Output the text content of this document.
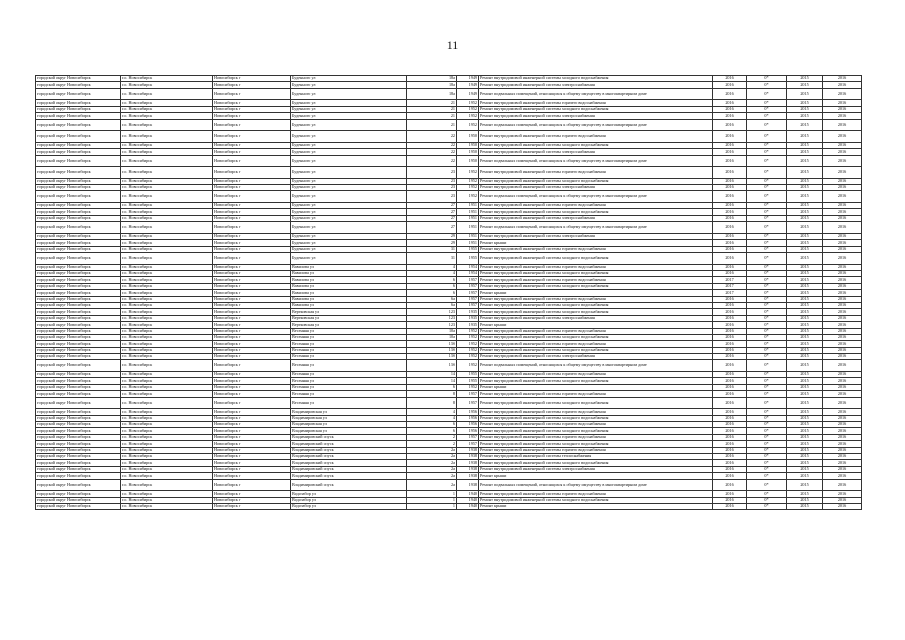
11
городской округ Новосибирск	г.о. Новосибирск	Новосибирск г	Буденного ул	18а	1949	Ремонт внутридомовой инженерной системы холодного водоснабжения	2016	0*	2015	2016
городской округ Новосибирск	г.о. Новосибирск	Новосибирск г	Буденного ул	18а	1949	Ремонт внутридомовой инженерной системы электроснабжения	2016	0*	2015	2016
городской округ Новосибирск	г.о. Новосибирск	Новосибирск г	Буденного ул	18а	1949	Ремонт подвальных помещений, относящихся к общему имуществу в многоквартирном доме	2016	0*	2015	2016
городской округ Новосибирск	г.о. Новосибирск	Новосибирск г	Буденного ул	21	1952	Ремонт внутридомовой инженерной системы горячего водоснабжения	2016	0*	2015	2016
городской округ Новосибирск	г.о. Новосибирск	Новосибирск г	Буденного ул	21	1952	Ремонт внутридомовой инженерной системы холодного водоснабжения	2016	0*	2015	2016
городской округ Новосибирск	г.о. Новосибирск	Новосибирск г	Буденного ул	21	1952	Ремонт внутридомовой инженерной системы электроснабжения	2016	0*	2015	2016
городской округ Новосибирск	г.о. Новосибирск	Новосибирск г	Буденного ул	21	1952	Ремонт подвальных помещений, относящихся к общему имуществу в многоквартирном доме	2016	0*	2015	2016
городской округ Новосибирск	г.о. Новосибирск	Новосибирск г	Буденного ул	22	1950	Ремонт внутридомовой инженерной системы горячего водоснабжения	2016	0*	2015	2016
городской округ Новосибирск	г.о. Новосибирск	Новосибирск г	Буденного ул	22	1950	Ремонт внутридомовой инженерной системы холодного водоснабжения	2016	0*	2015	2016
городской округ Новосибирск	г.о. Новосибирск	Новосибирск г	Буденного ул	22	1950	Ремонт внутридомовой инженерной системы электроснабжения	2016	0*	2015	2016
городской округ Новосибирск	г.о. Новосибирск	Новосибирск г	Буденного ул	22	1950	Ремонт подвальных помещений, относящихся к общему имуществу в многоквартирном доме	2016	0*	2015	2016
городской округ Новосибирск	г.о. Новосибирск	Новосибирск г	Буденного ул	23	1952	Ремонт внутридомовой инженерной системы горячего водоснабжения	2016	0*	2015	2016
городской округ Новосибирск	г.о. Новосибирск	Новосибирск г	Буденного ул	23	1952	Ремонт внутридомовой инженерной системы холодного водоснабжения	2016	0*	2015	2016
городской округ Новосибирск	г.о. Новосибирск	Новосибирск г	Буденного ул	23	1952	Ремонт внутридомовой инженерной системы электроснабжения	2016	0*	2015	2016
городской округ Новосибирск	г.о. Новосибирск	Новосибирск г	Буденного ул	23	1952	Ремонт подвальных помещений, относящихся к общему имуществу в многоквартирном доме	2016	0*	2015	2016
городской округ Новосибирск	г.о. Новосибирск	Новосибирск г	Буденного ул	27	1951	Ремонт внутридомовой инженерной системы горячего водоснабжения	2016	0*	2015	2016
городской округ Новосибирск	г.о. Новосибирск	Новосибирск г	Буденного ул	27	1951	Ремонт внутридомовой инженерной системы холодного водоснабжения	2016	0*	2015	2016
городской округ Новосибирск	г.о. Новосибирск	Новосибирск г	Буденного ул	27	1951	Ремонт внутридомовой инженерной системы электроснабжения	2016	0*	2015	2016
городской округ Новосибирск	г.о. Новосибирск	Новосибирск г	Буденного ул	27	1951	Ремонт подвальных помещений, относящихся к общему имуществу в многоквартирном доме	2016	0*	2015	2016
городской округ Новосибирск	г.о. Новосибирск	Новосибирск г	Буденного ул	29	1951	Ремонт внутридомовой инженерной системы электроснабжения	2016	0*	2015	2016
городской округ Новосибирск	г.о. Новосибирск	Новосибирск г	Буденного ул	29	1951	Ремонт крыши	2016	0*	2015	2016
городской округ Новосибирск	г.о. Новосибирск	Новосибирск г	Буденного ул	31	1955	Ремонт внутридомовой инженерной системы горячего водоснабжения	2016	0*	2015	2016
городской округ Новосибирск	г.о. Новосибирск	Новосибирск г	Буденного ул	31	1955	Ремонт внутридомовой инженерной системы холодного водоснабжения	2016	0*	2015	2016
городской округ Новосибирск	г.о. Новосибирск	Новосибирск г	Вавилова ул	4	1954	Ремонт внутридомовой инженерной системы горячего водоснабжения	2016	0*	2015	2016
городской округ Новосибирск	г.о. Новосибирск	Новосибирск г	Вавилова ул	4	1954	Ремонт внутридомовой инженерной системы холодного водоснабжения	2016	0*	2015	2016
городской округ Новосибирск	г.о. Новосибирск	Новосибирск г	Вавилова ул	6	1957	Ремонт внутридомовой инженерной системы горячего водоснабжения	2017	0*	2015	2016
городской округ Новосибирск	г.о. Новосибирск	Новосибирск г	Вавилова ул	6	1957	Ремонт внутридомовой инженерной системы холодного водоснабжения	2017	0*	2015	2016
городской округ Новосибирск	г.о. Новосибирск	Новосибирск г	Вавилова ул	6	1957	Ремонт крыши	2017	0*	2015	2016
городской округ Новосибирск	г.о. Новосибирск	Новосибирск г	Вавилова ул	6а	1957	Ремонт внутридомовой инженерной системы горячего водоснабжения	2016	0*	2015	2016
городской округ Новосибирск	г.о. Новосибирск	Новосибирск г	Вавилова ул	6а	1957	Ремонт внутридомовой инженерной системы холодного водоснабжения	2016	0*	2015	2016
городской округ Новосибирск	г.о. Новосибирск	Новосибирск г	Вертковская ул	123	1935	Ремонт внутридомовой инженерной системы холодного водоснабжения	2016	0*	2015	2016
городской округ Новосибирск	г.о. Новосибирск	Новосибирск г	Вертковская ул	123	1935	Ремонт внутридомовой инженерной системы электроснабжения	2016	0*	2015	2016
городской округ Новосибирск	г.о. Новосибирск	Новосибирск г	Вертковская ул	123	1935	Ремонт крыши	2016	0*	2015	2016
городской округ Новосибирск	г.о. Новосибирск	Новосибирск г	Весенняя ул	10а	1952	Ремонт внутридомовой инженерной системы горячего водоснабжения	2016	0*	2015	2016
городской округ Новосибирск	г.о. Новосибирск	Новосибирск г	Весенняя ул	10а	1952	Ремонт внутридомовой инженерной системы холодного водоснабжения	2016	0*	2015	2016
городской округ Новосибирск	г.о. Новосибирск	Новосибирск г	Весенняя ул	13б	1952	Ремонт внутридомовой инженерной системы горячего водоснабжения	2016	0*	2015	2016
городской округ Новосибирск	г.о. Новосибирск	Новосибирск г	Весенняя ул	13б	1952	Ремонт внутридомовой инженерной системы холодного водоснабжения	2016	0*	2015	2016
городской округ Новосибирск	г.о. Новосибирск	Новосибирск г	Весенняя ул	13б	1952	Ремонт внутридомовой инженерной системы электроснабжения	2016	0*	2015	2016
городской округ Новосибирск	г.о. Новосибирск	Новосибирск г	Весенняя ул	13б	1952	Ремонт подвальных помещений, относящихся к общему имуществу в многоквартирном доме	2016	0*	2015	2016
городской округ Новосибирск	г.о. Новосибирск	Новосибирск г	Весенняя ул	14	1955	Ремонт внутридомовой инженерной системы горячего водоснабжения	2016	0*	2015	2016
городской округ Новосибирск	г.о. Новосибирск	Новосибирск г	Весенняя ул	14	1955	Ремонт внутридомовой инженерной системы холодного водоснабжения	2016	0*	2015	2016
городской округ Новосибирск	г.о. Новосибирск	Новосибирск г	Весенняя ул	6	1952	Ремонт крыши	2016	0*	2015	2016
городской округ Новосибирск	г.о. Новосибирск	Новосибирск г	Весенняя ул	8	1957	Ремонт внутридомовой инженерной системы горячего водоснабжения	2016	0*	2015	2016
городской округ Новосибирск	г.о. Новосибирск	Новосибирск г	Весенняя ул	8	1957	Ремонт внутридомовой инженерной системы холодного водоснабжения	2016	0*	2015	2016
городской округ Новосибирск	г.о. Новосибирск	Новосибирск г	Владимировская ул	4	1956	Ремонт внутридомовой инженерной системы горячего водоснабжения	2016	0*	2015	2016
городской округ Новосибирск	г.о. Новосибирск	Новосибирск г	Владимировская ул	4	1956	Ремонт внутридомовой инженерной системы холодного водоснабжения	2016	0*	2015	2016
городской округ Новосибирск	г.о. Новосибирск	Новосибирск г	Владимировская ул	6	1956	Ремонт внутридомовой инженерной системы горячего водоснабжения	2016	0*	2015	2016
городской округ Новосибирск	г.о. Новосибирск	Новосибирск г	Владимировская ул	6	1956	Ремонт внутридомовой инженерной системы холодного водоснабжения	2016	0*	2015	2016
городской округ Новосибирск	г.о. Новосибирск	Новосибирск г	Владимировский спуск	2	1957	Ремонт внутридомовой инженерной системы горячего водоснабжения	2016	0*	2015	2016
городской округ Новосибирск	г.о. Новосибирск	Новосибирск г	Владимировский спуск	2	1957	Ремонт внутридомовой инженерной системы холодного водоснабжения	2016	0*	2015	2016
городской округ Новосибирск	г.о. Новосибирск	Новосибирск г	Владимировский спуск	2а	1938	Ремонт внутридомовой инженерной системы горячего водоснабжения	2016	0*	2015	2016
городской округ Новосибирск	г.о. Новосибирск	Новосибирск г	Владимировский спуск	2а	1938	Ремонт внутридомовой инженерной системы теплоснабжения	2016	0*	2015	2016
городской округ Новосибирск	г.о. Новосибирск	Новосибирск г	Владимировский спуск	2а	1938	Ремонт внутридомовой инженерной системы холодного водоснабжения	2016	0*	2015	2016
городской округ Новосибирск	г.о. Новосибирск	Новосибирск г	Владимировский спуск	2а	1938	Ремонт внутридомовой инженерной системы электроснабжения	2016	0*	2015	2016
городской округ Новосибирск	г.о. Новосибирск	Новосибирск г	Владимировский спуск	2а	1938	Ремонт крыши	2016	0*	2015	2016
городской округ Новосибирск	г.о. Новосибирск	Новосибирск г	Владимировский спуск	2а	1938	Ремонт подвальных помещений, относящихся к общему имуществу в многоквартирном доме	2016	0*	2015	2016
городской округ Новосибирск	г.о. Новосибирск	Новосибирск г	Водозабор ул	1	1940	Ремонт внутридомовой инженерной системы горячего водоснабжения	2016	0*	2015	2016
городской округ Новосибирск	г.о. Новосибирск	Новосибирск г	Водозабор ул	1	1940	Ремонт внутридомовой инженерной системы холодного водоснабжения	2016	0*	2015	2016
городской округ Новосибирск	г.о. Новосибирск	Новосибирск г	Водозабор ул	1	1940	Ремонт крыши	2016	0*	2015	2016
